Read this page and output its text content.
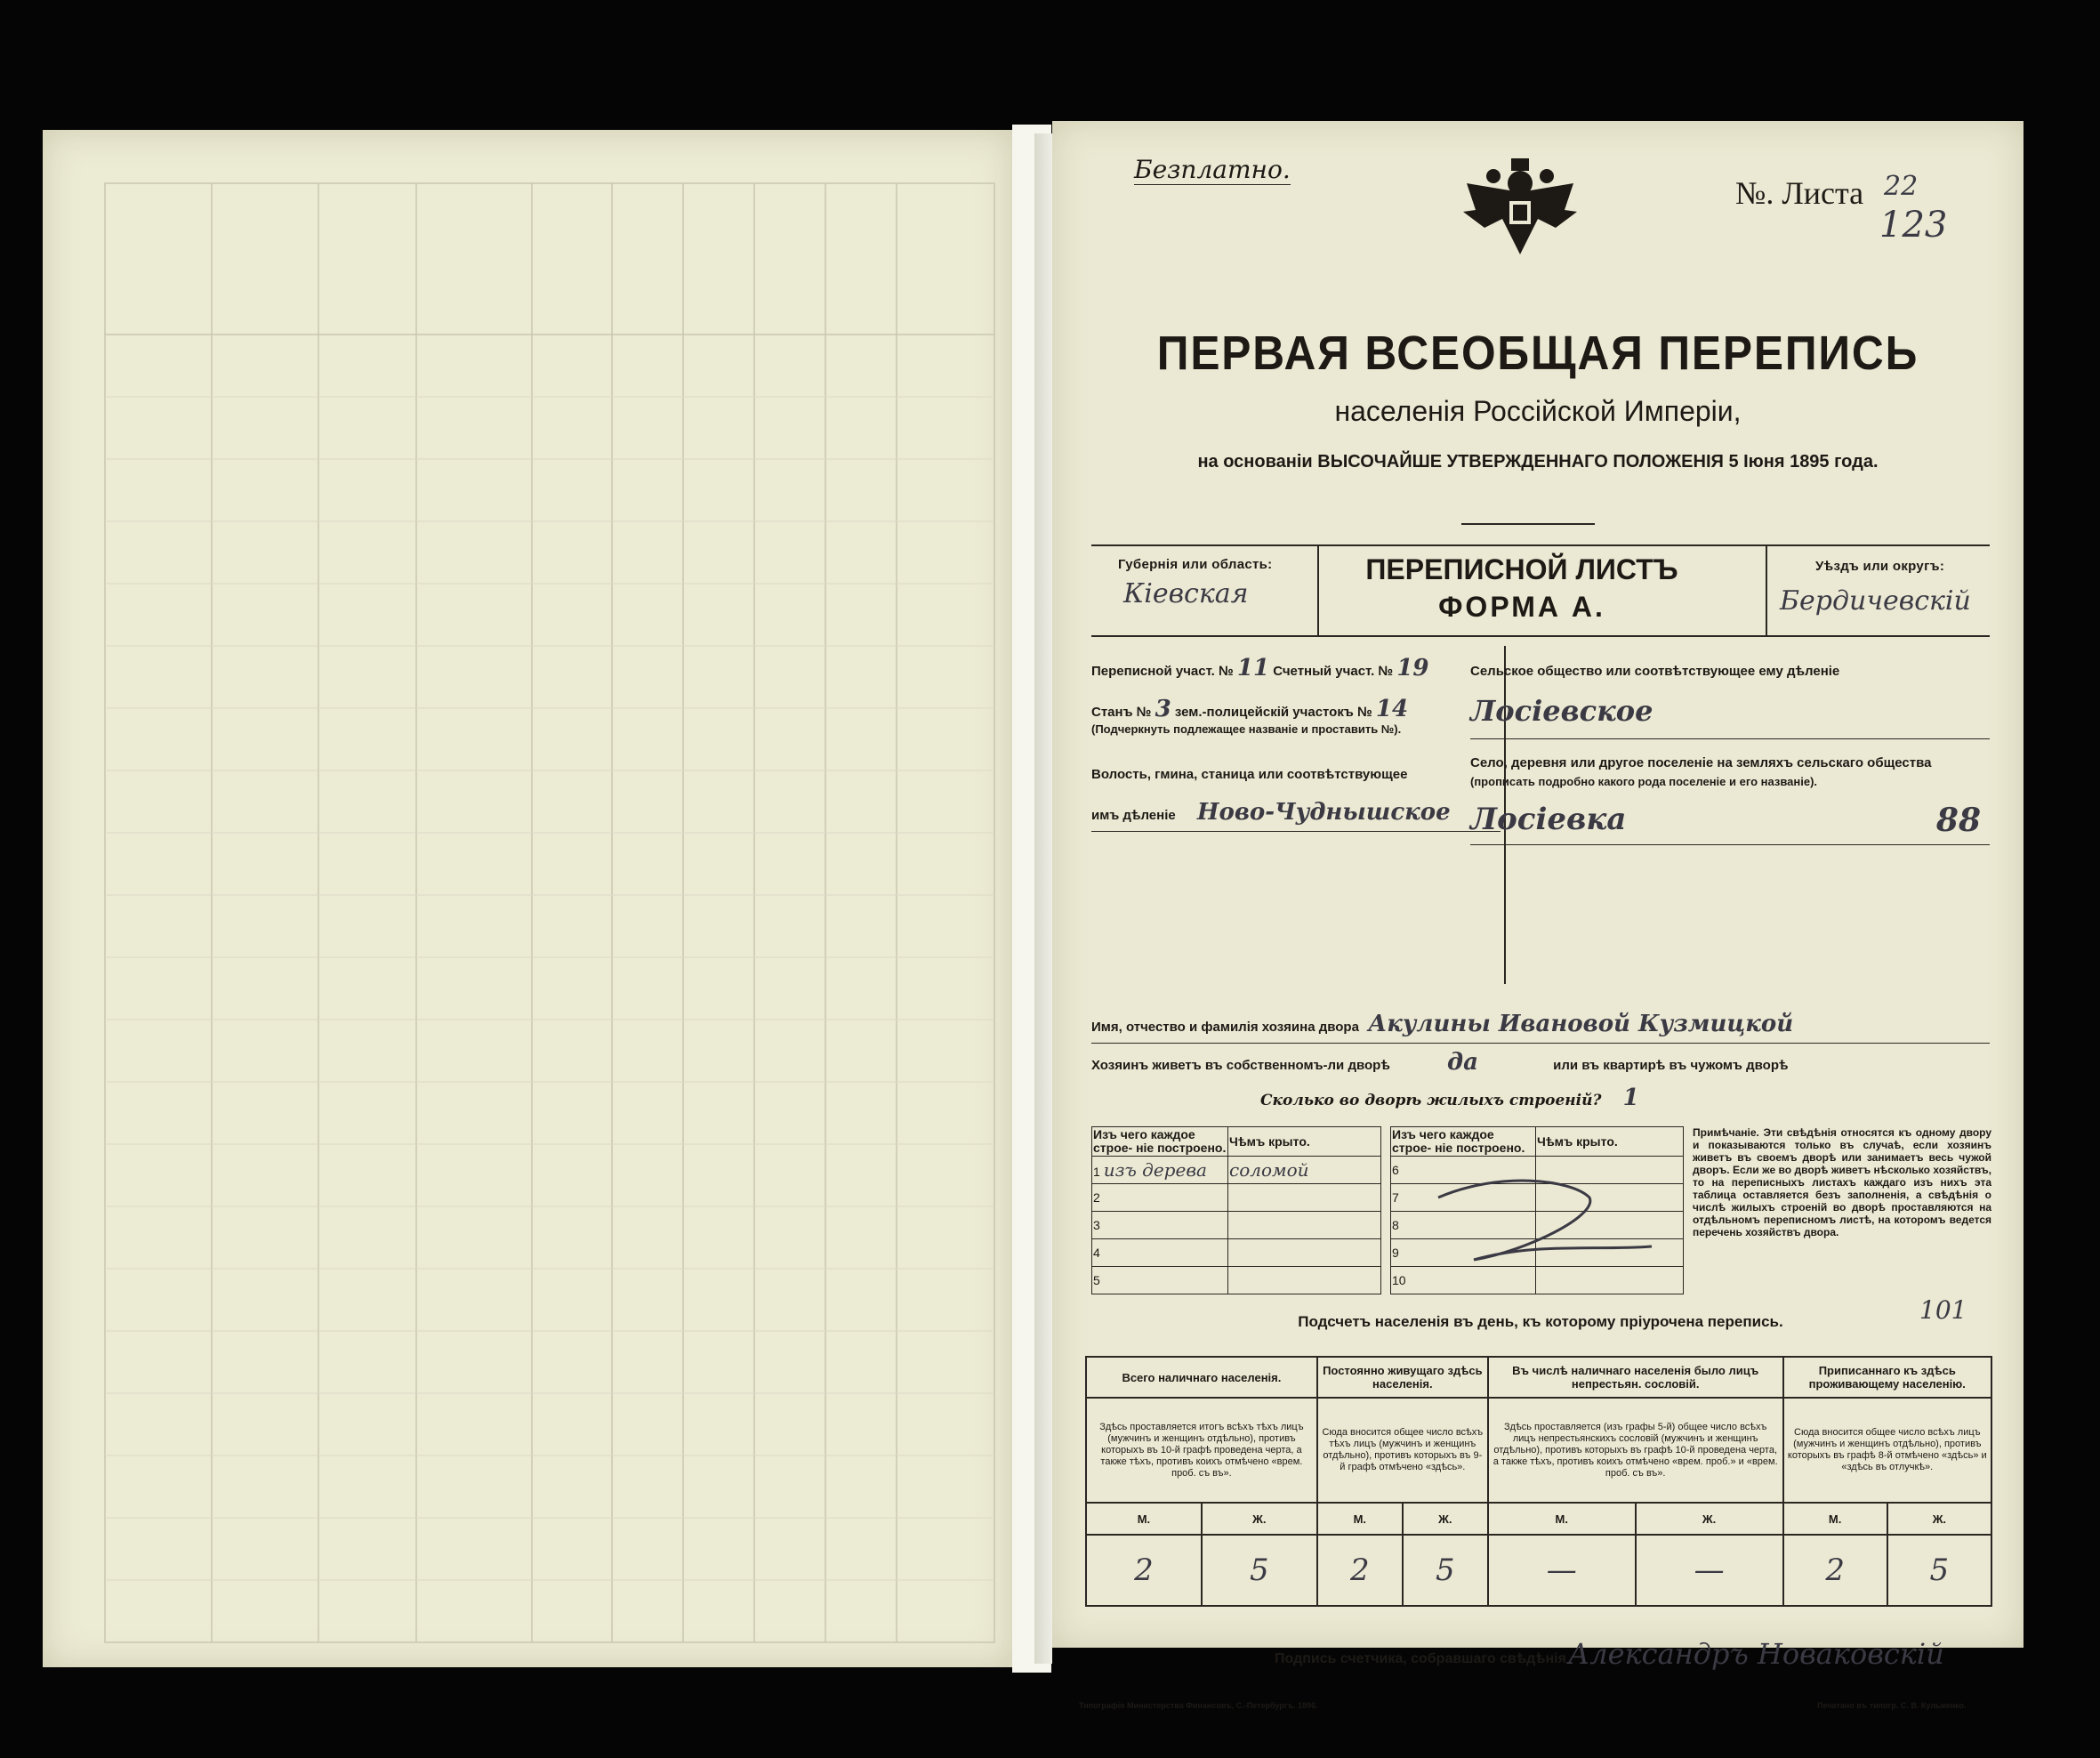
Безплатно.
№. Листа 22
123
ПЕРВАЯ ВСЕОБЩАЯ ПЕРЕПИСЬ
населенія Россійской Имперіи,
на основаніи ВЫСОЧАЙШЕ УТВЕРЖДЕННАГО ПОЛОЖЕНІЯ 5 Іюня 1895 года.
Губернія или область:
Кіевская
ПЕРЕПИСНОЙ ЛИСТЪ
ФОРМА А.
Уѣздъ или округъ:
Бердичевскій
Переписной участ. № 11 Счетный участ. № 19
Станъ № 3 зем.-полицейскій участокъ № 14
(Подчеркнуть подлежащее названіе и проставить №).
Волость, гмина, станица или соотвѣтствующее
имъ дѣленіе Ново-Чуднышское
Сельское общество или соотвѣтствующее ему дѣленіе
Лосіевское
Село, деревня или другое поселеніе на земляхъ сельскаго общества
(прописать подробно какого рода поселеніе и его названіе).
Лосіевка	88
Имя, отчество и фамилія хозяина двора Акулины Ивановой Кузмицкой
Хозяинъ живетъ въ собственномъ-ли дворѣ да	или въ квартирѣ въ чужомъ дворѣ
Сколько во дворѣ жилыхъ строеній? 1
Изъ чего каждое строе- ніе построено.	Чѣмъ крыто.
1 изъ дерева	соломой
2	
3	
4	
5	
Изъ чего каждое строе- ніе построено.	Чѣмъ крыто.
6	
7	
8	
9	
10	
Примѣчаніе. Эти свѣдѣнія относятся къ одному двору и показываются только въ случаѣ, если хозяинъ живетъ въ своемъ дворѣ или занимаетъ весь чужой дворъ. Если же во дворѣ живетъ нѣсколько хозяйствъ, то на переписныхъ листахъ каждаго изъ нихъ эта таблица оставляется безъ заполненія, а свѣдѣнія о числѣ жилыхъ строеній во дворѣ проставляются на отдѣльномъ переписномъ листѣ, на которомъ ведется перечень хозяйствъ двора.
Подсчетъ населенія въ день, къ которому пріурочена перепись.	101
Всего наличнаго населенія.		Постоянно живущаго здѣсь населенія.		Въ числѣ наличнаго населенія было лицъ непрестьян. сословій.		Приписаннаго къ здѣсь проживающему населенію.	
Здѣсь проставляется итогъ всѣхъ тѣхъ лицъ (мужчинъ и женщинъ отдѣльно), противъ которыхъ въ 10-й графѣ проведена черта, а также тѣхъ, противъ коихъ отмѣчено «врем. проб. съ въ».		Сюда вносится общее число всѣхъ тѣхъ лицъ (мужчинъ и женщинъ отдѣльно), противъ которыхъ въ 9-й графѣ отмѣчено «здѣсь».		Здѣсь проставляется (изъ графы 5-й) общее число всѣхъ лицъ непрестьянскихъ сословій (мужчинъ и женщинъ отдѣльно), противъ которыхъ въ графѣ 10-й проведена черта, а также тѣхъ, противъ коихъ отмѣчено «врем. проб.» и «врем. проб. съ въ».		Сюда вносится общее число всѣхъ лицъ (мужчинъ и женщинъ отдѣльно), противъ которыхъ въ графѣ 8-й отмѣчено «здѣсь» и «здѣсь въ отлучкѣ».	
М.	Ж.	М.	Ж.	М.	Ж.	М.	Ж.
2	5	2	5	—	—	2	5
Подпись счетчика, собравшаго свѣдѣнія Александръ Новаковскій
Типографія Министерства Финансовъ, С.-Петербургъ. 1896.	Печатано въ типогр. С. В. Кульженко.
